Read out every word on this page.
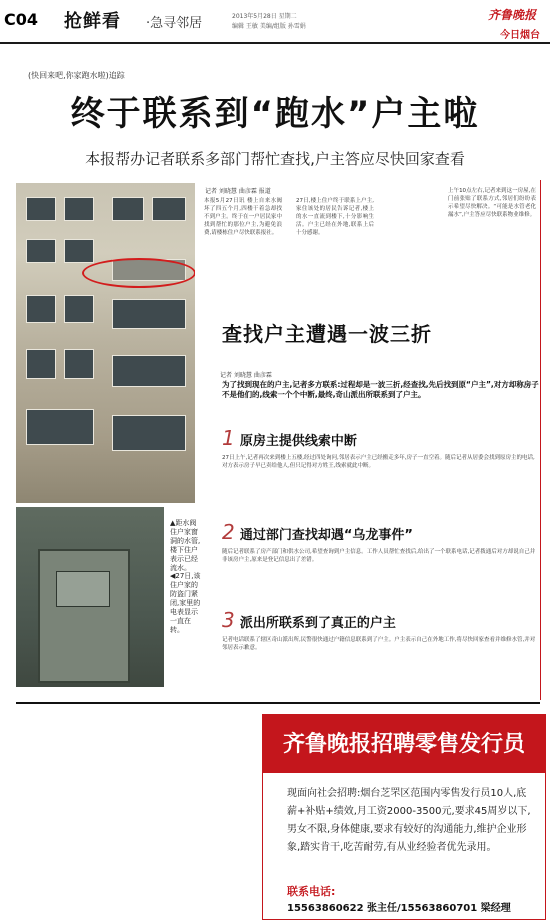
C04 抢鲜看 ·急寻邻居	2013年5月28日 星期二
编辑 王敏 美编/组版 孙雪娟
齐鲁晚报
今日烟台
(快回来吧,你家跑水啦)追踪
终于联系到“跑水”户主啦
本报帮办记者联系多部门帮忙查找,户主答应尽快回家查看
▲距水阀住户家窗洞的水管,楼下住户表示已经流水。
◀27日,该住户家的防盗门紧闭,家里的电表显示一直在转。
记者 刘晓慧 曲彦霖 报道
本报5月27日讯 楼上自来水阀坏了四五个月,四楼干着急却找不到户主。终于在一户居民家中找到帮忙的那位户主,为避免浪费,请楼栋住户尽快联系报社。
27日,楼上住户终于联系上户主,家住该处的居民告诉记者,楼上的水一直流到楼下,十分影响生活。户主已经在外地,联系上后十分感谢。
上午10点左右,记者来到这一房屋,在门前张贴了联系方式,邻居们纷纷表示希望尽快解决。“可能是水管老化漏水”,户主答应尽快联系物业维修。
查找户主遭遇一波三折
记者 刘晓慧 曲彦霖
为了找到现在的户主,记者多方联系:过程却是一波三折,经查找,先后找到原“户主”,对方却称房子不是他们的,线索一个个中断,最终,奇山派出所联系到了户主。
1 原房主提供线索中断
27日上午,记者再次来到楼上五楼,经过四处询问,邻居表示户主已经搬走多年,房子一直空着。随后记者从居委会找到原房主的电话,对方表示房子早已卖给他人,但只记得对方姓王,线索就此中断。
2 通过部门查找却遇“乌龙事件”
随后记者联系了房产部门和供水公司,希望查询到户主信息。工作人员帮忙查找后,给出了一个联系电话,记者拨通后对方却说自己并非该房户主,原来是登记信息出了差错。
3 派出所联系到了真正的户主
记者电话联系了辖区奇山派出所,民警很快通过户籍信息联系到了户主。户主表示自己在外地工作,将尽快回家查看并维修水管,并对邻居表示歉意。
齐鲁晚报招聘零售发行员
现面向社会招聘:烟台芝罘区范围内零售发行员10人,底薪+补贴+绩效,月工资2000-3500元,要求45周岁以下,男女不限,身体健康,要求有较好的沟通能力,维护企业形象,踏实肯干,吃苦耐劳,有从业经验者优先录用。
联系电话:
15563860622 张主任/15563860701 梁经理
